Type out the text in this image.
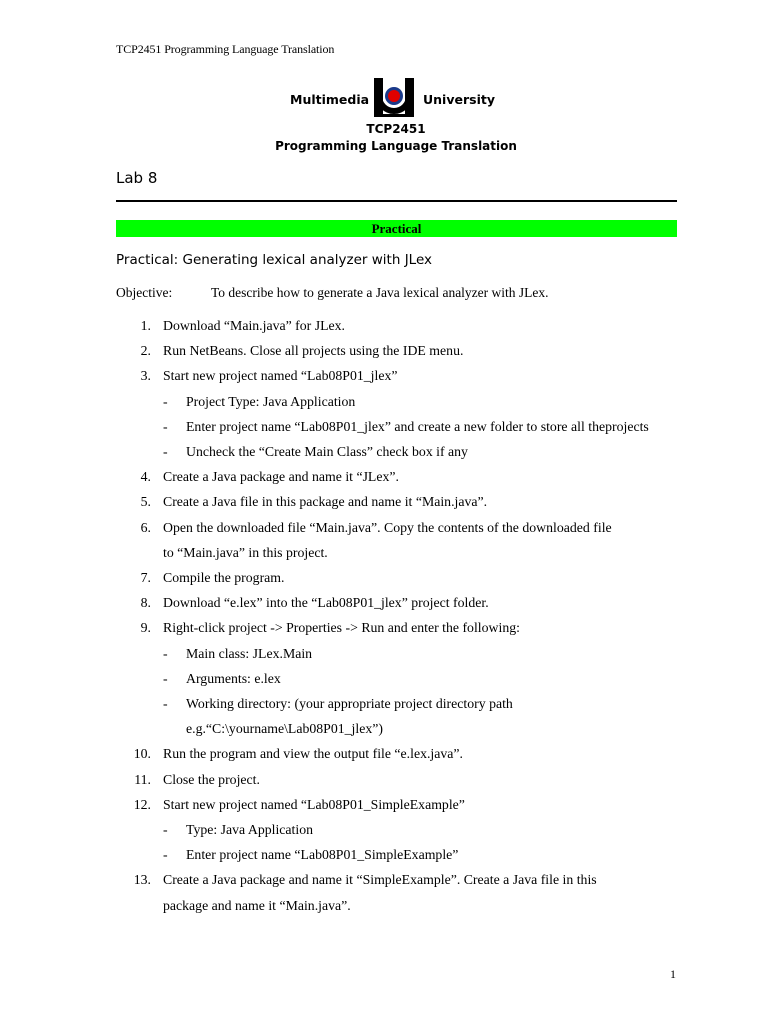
TCP2451 Programming Language Translation
Multimedia	University
TCP2451
Programming Language Translation
Lab 8
Practical
Practical: Generating lexical analyzer with JLex
Objective:	To describe how to generate a Java lexical analyzer with JLex.
1. Download “Main.java” for JLex.
2. Run NetBeans. Close all projects using the IDE menu.
3. Start new project named “Lab08P01_jlex”
- Project Type: Java Application
- Enter project name “Lab08P01_jlex” and create a new folder to store all theprojects
- Uncheck the “Create Main Class” check box if any
4. Create a Java package and name it “JLex”.
5. Create a Java file in this package and name it “Main.java”.
6. Open the downloaded file “Main.java”. Copy the contents of the downloaded file
to “Main.java” in this project.
7. Compile the program.
8. Download “e.lex” into the “Lab08P01_jlex” project folder.
9. Right-click project -> Properties -> Run and enter the following:
- Main class: JLex.Main
- Arguments: e.lex
- Working directory: (your appropriate project directory path e.g.“C:\yourname\Lab08P01_jlex”)
10. Run the program and view the output file “e.lex.java”.
11. Close the project.
12. Start new project named “Lab08P01_SimpleExample”
- Type: Java Application
- Enter project name “Lab08P01_SimpleExample”
13. Create a Java package and name it “SimpleExample”. Create a Java file in this
package and name it “Main.java”.
1
